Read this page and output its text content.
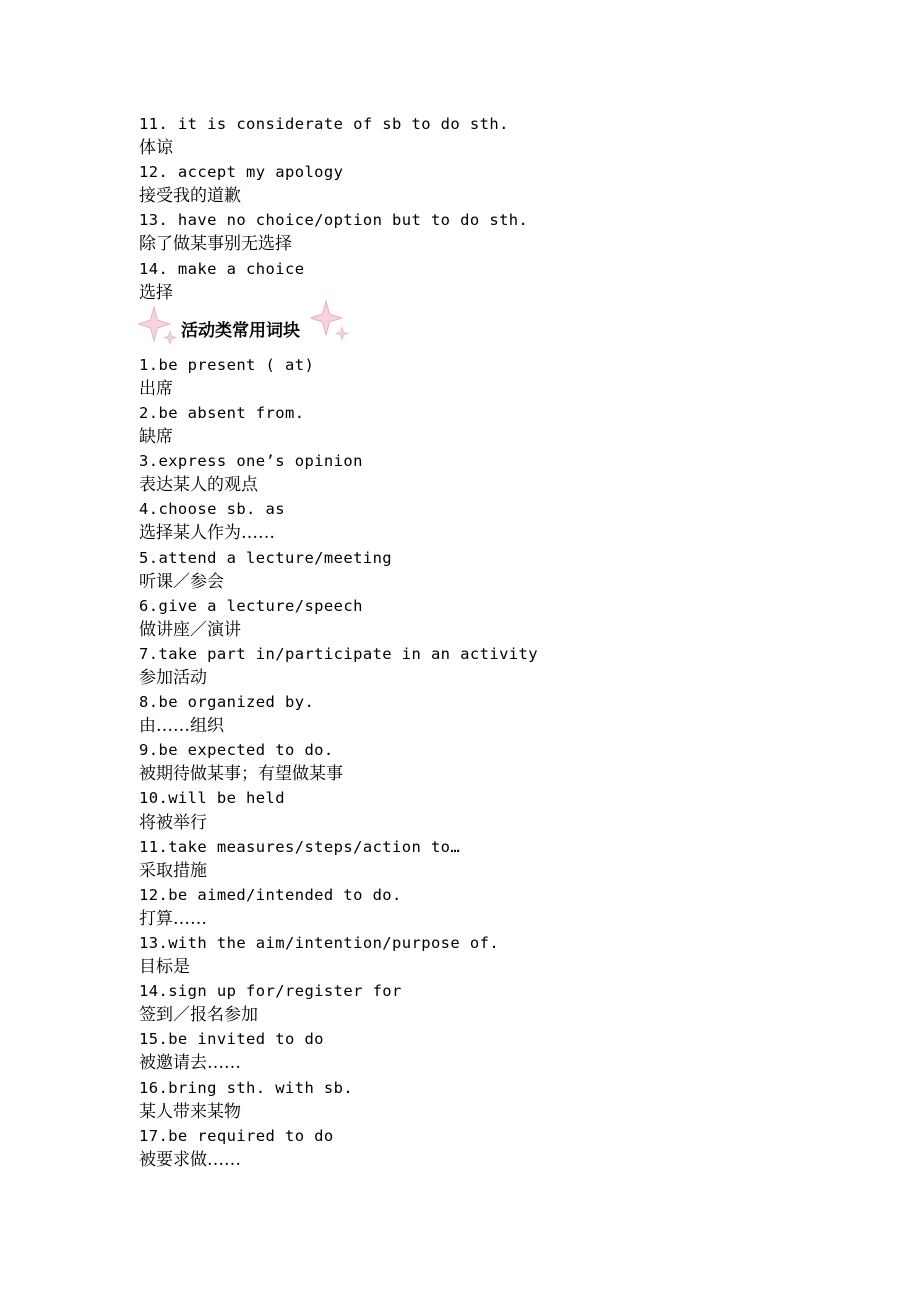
11. it is considerate of sb to do sth.
体谅
12. accept my apology
接受我的道歉
13. have no choice/option but to do sth.
除了做某事别无选择
14. make a choice
选择
活动类常用词块
1.be present ( at)
出席
2.be absent from.
缺席
3.express one’s opinion
表达某人的观点
4.choose sb. as
选择某人作为……
5.attend a lecture/meeting
听课／参会
6.give a lecture/speech
做讲座／演讲
7.take part in/participate in an activity
参加活动
8.be organized by.
由……组织
9.be expected to do.
被期待做某事；有望做某事
10.will be held
将被举行
11.take measures/steps/action to…
采取措施
12.be aimed/intended to do.
打算……
13.with the aim/intention/purpose of.
目标是
14.sign up for/register for
签到／报名参加
15.be invited to do
被邀请去……
16.bring sth. with sb.
某人带来某物
17.be required to do
被要求做……
